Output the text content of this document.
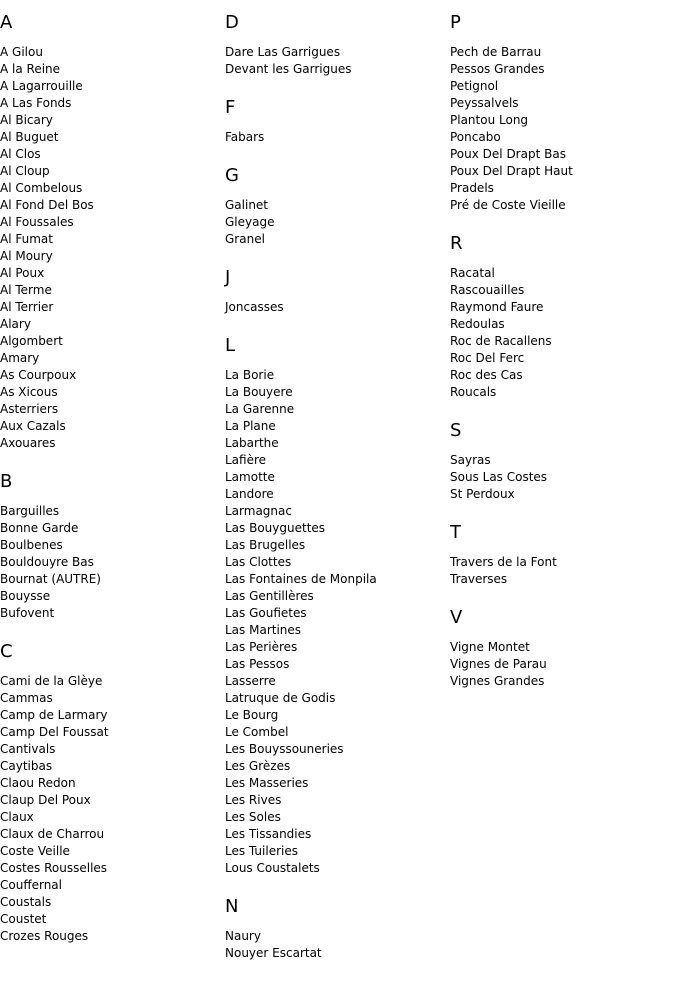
A
A Gilou
A la Reine
A Lagarrouille
A Las Fonds
Al Bicary
Al Buguet
Al Clos
Al Cloup
Al Combelous
Al Fond Del Bos
Al Foussales
Al Fumat
Al Moury
Al Poux
Al Terme
Al Terrier
Alary
Algombert
Amary
As Courpoux
As Xicous
Asterriers
Aux Cazals
Axouares
B
Barguilles
Bonne Garde
Boulbenes
Bouldouyre Bas
Bournat (AUTRE)
Bouysse
Bufovent
C
Cami de la Glèye
Cammas
Camp de Larmary
Camp Del Foussat
Cantivals
Caytibas
Claou Redon
Claup Del Poux
Claux
Claux de Charrou
Coste Veille
Costes Rousselles
Couffernal
Coustals
Coustet
Crozes Rouges
D
Dare Las Garrigues
Devant les Garrigues
F
Fabars
G
Galinet
Gleyage
Granel
J
Joncasses
L
La Borie
La Bouyere
La Garenne
La Plane
Labarthe
Lafière
Lamotte
Landore
Larmagnac
Las Bouyguettes
Las Brugelles
Las Clottes
Las Fontaines de Monpila
Las Gentillères
Las Goufietes
Las Martines
Las Perières
Las Pessos
Lasserre
Latruque de Godis
Le Bourg
Le Combel
Les Bouyssouneries
Les Grèzes
Les Masseries
Les Rives
Les Soles
Les Tissandies
Les Tuileries
Lous Coustalets
N
Naury
Nouyer Escartat
P
Pech de Barrau
Pessos Grandes
Petignol
Peyssalvels
Plantou Long
Poncabo
Poux Del Drapt Bas
Poux Del Drapt Haut
Pradels
Pré de Coste Vieille
R
Racatal
Rascouailles
Raymond Faure
Redoulas
Roc de Racallens
Roc Del Ferc
Roc des Cas
Roucals
S
Sayras
Sous Las Costes
St Perdoux
T
Travers de la Font
Traverses
V
Vigne Montet
Vignes de Parau
Vignes Grandes
